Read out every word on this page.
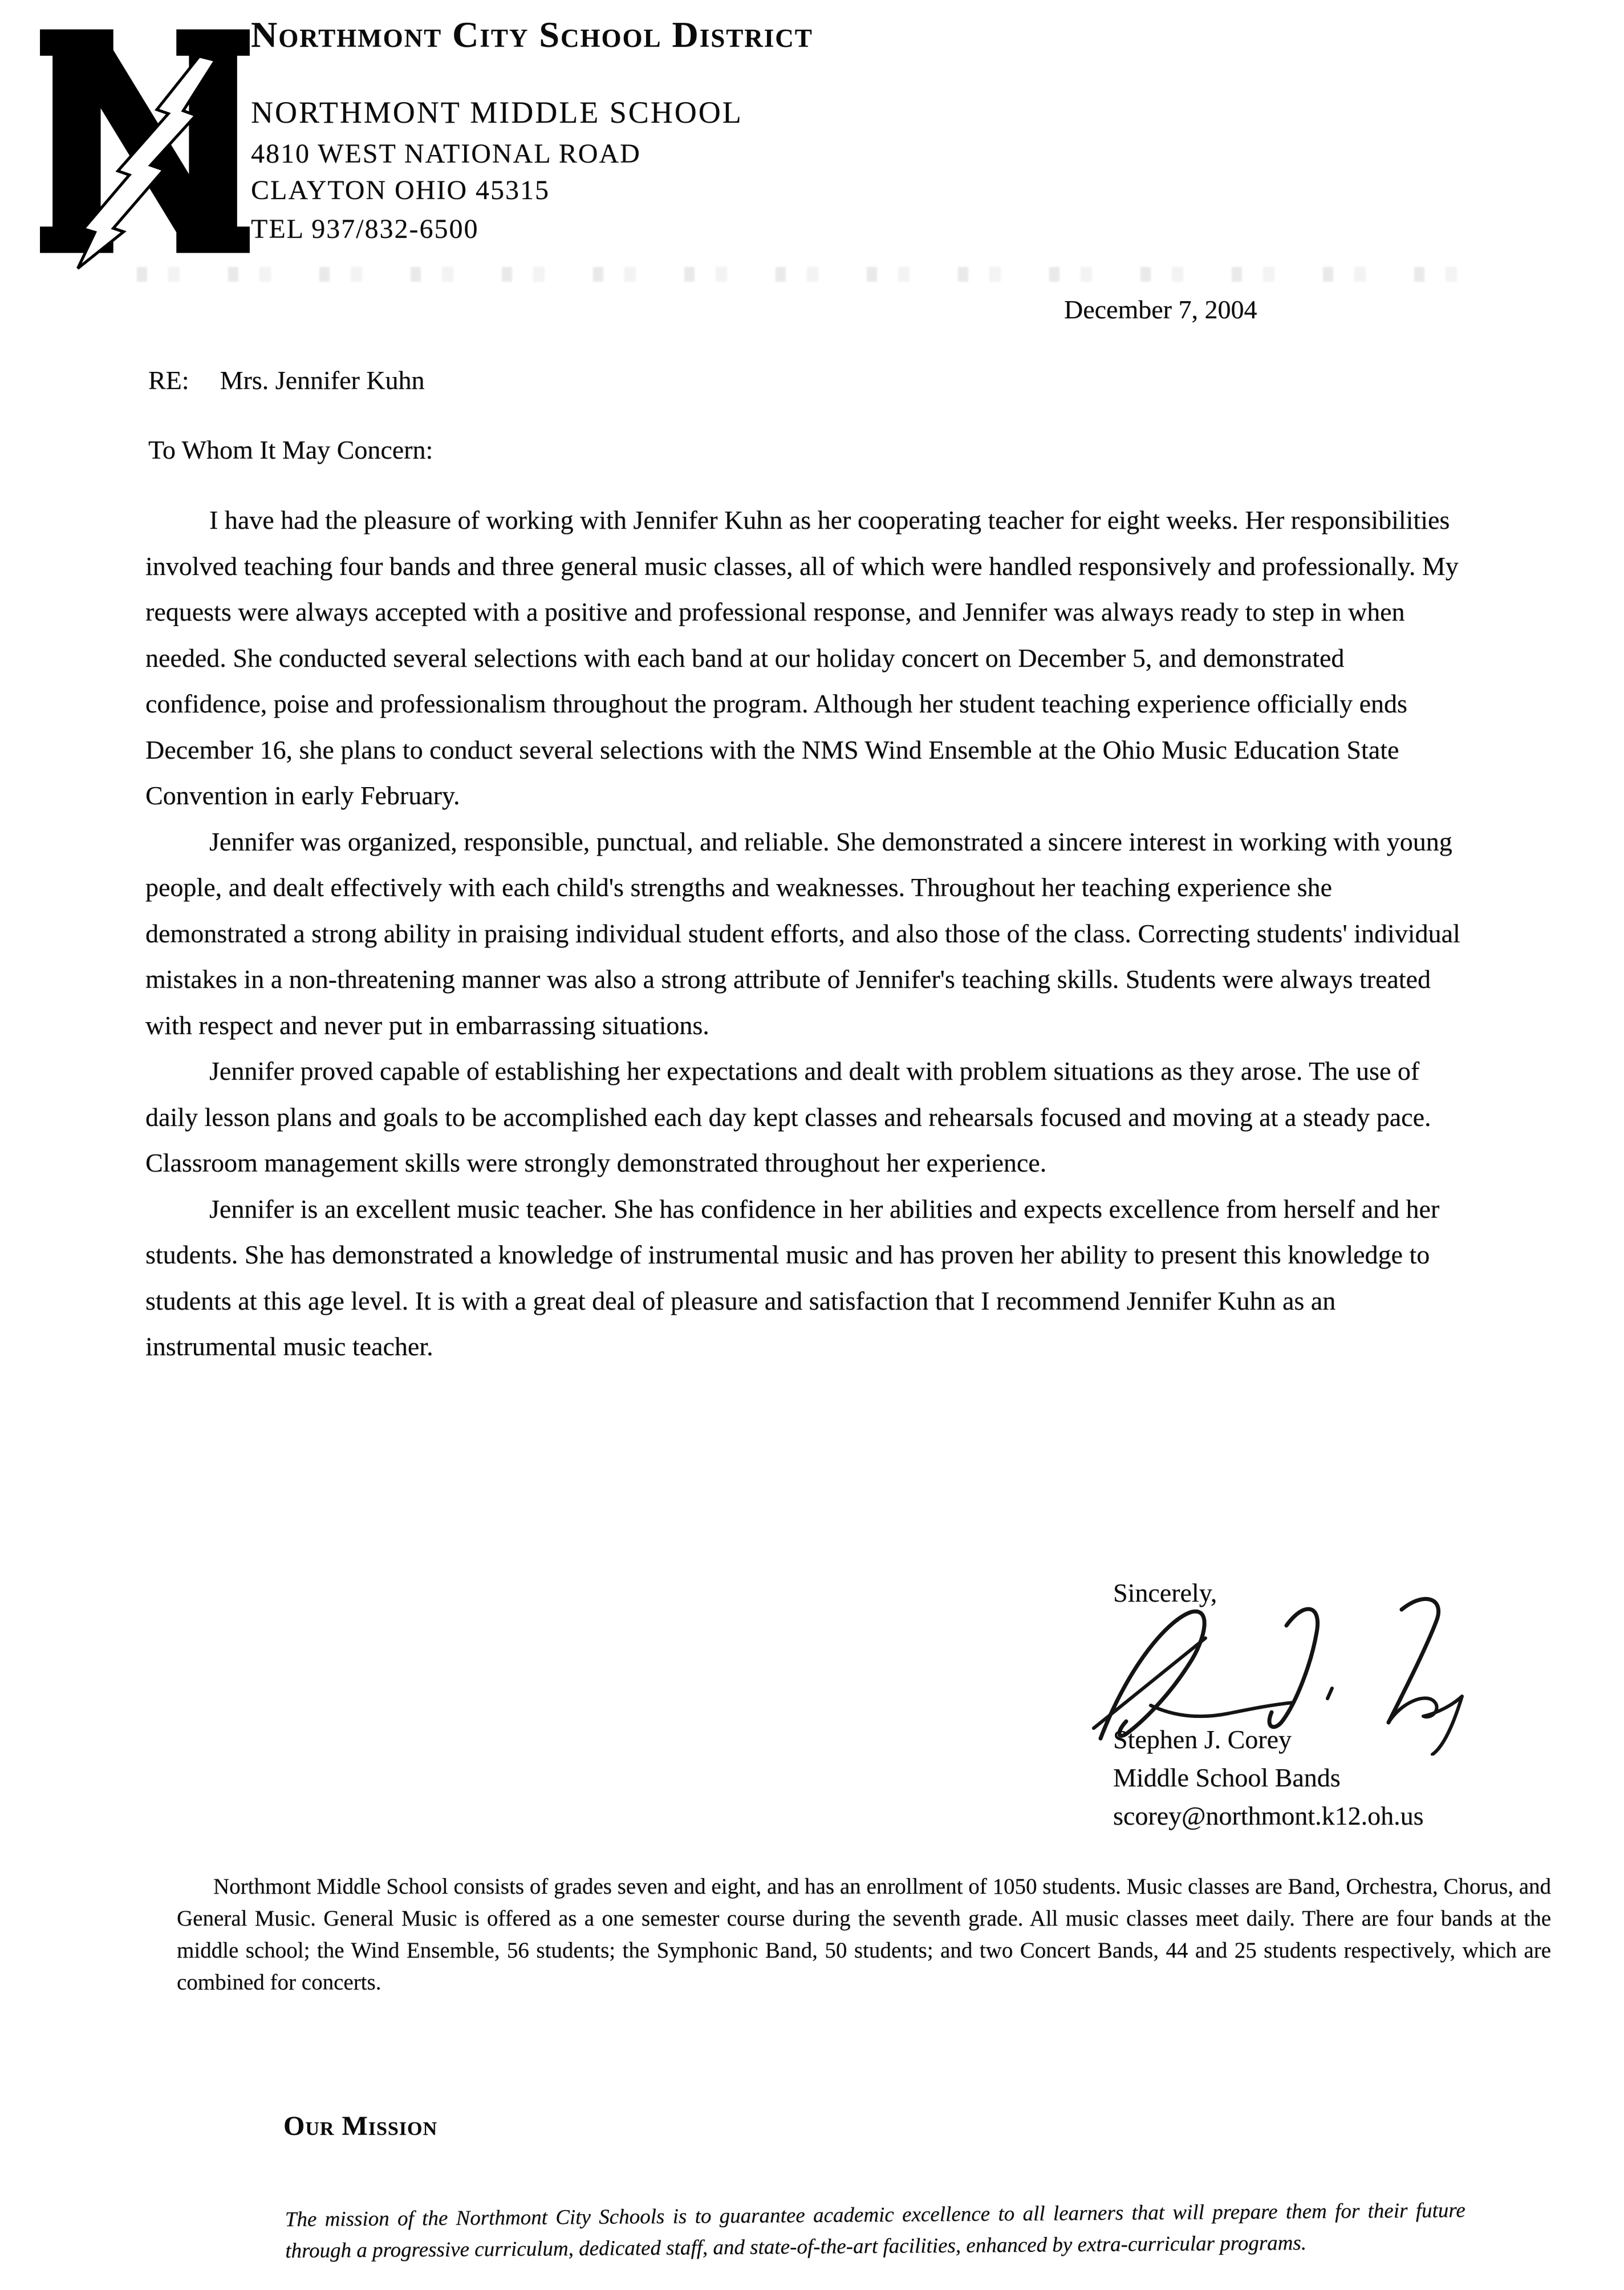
Northmont City School District
NORTHMONT MIDDLE SCHOOL
4810 WEST NATIONAL ROAD
CLAYTON OHIO 45315
TEL 937/832-6500
December 7, 2004
RE: Mrs. Jennifer Kuhn
To Whom It May Concern:

I have had the pleasure of working with Jennifer Kuhn as her cooperating teacher for eight weeks. Her responsibilities involved teaching four bands and three general music classes, all of which were handled responsively and professionally. My requests were always accepted with a positive and professional response, and Jennifer was always ready to step in when needed. She conducted several selections with each band at our holiday concert on December 5, and demonstrated confidence, poise and professionalism throughout the program. Although her student teaching experience officially ends December 16, she plans to conduct several selections with the NMS Wind Ensemble at the Ohio Music Education State Convention in early February.

Jennifer was organized, responsible, punctual, and reliable. She demonstrated a sincere interest in working with young people, and dealt effectively with each child's strengths and weaknesses. Throughout her teaching experience she demonstrated a strong ability in praising individual student efforts, and also those of the class. Correcting students' individual mistakes in a non-threatening manner was also a strong attribute of Jennifer's teaching skills. Students were always treated with respect and never put in embarrassing situations.

Jennifer proved capable of establishing her expectations and dealt with problem situations as they arose. The use of daily lesson plans and goals to be accomplished each day kept classes and rehearsals focused and moving at a steady pace. Classroom management skills were strongly demonstrated throughout her experience.

Jennifer is an excellent music teacher. She has confidence in her abilities and expects excellence from herself and her students. She has demonstrated a knowledge of instrumental music and has proven her ability to present this knowledge to students at this age level. It is with a great deal of pleasure and satisfaction that I recommend Jennifer Kuhn as an instrumental music teacher.

Sincerely,
Stephen J. Corey
Middle School Bands
scorey@northmont.k12.oh.us

Northmont Middle School consists of grades seven and eight, and has an enrollment of 1050 students. Music classes are Band, Orchestra, Chorus, and General Music. General Music is offered as a one semester course during the seventh grade. All music classes meet daily. There are four bands at the middle school; the Wind Ensemble, 56 students; the Symphonic Band, 50 students; and two Concert Bands, 44 and 25 students respectively, which are combined for concerts.

Our Mission
The mission of the Northmont City Schools is to guarantee academic excellence to all learners that will prepare them for their future through a progressive curriculum, dedicated staff, and state-of-the-art facilities, enhanced by extra-curricular programs.
